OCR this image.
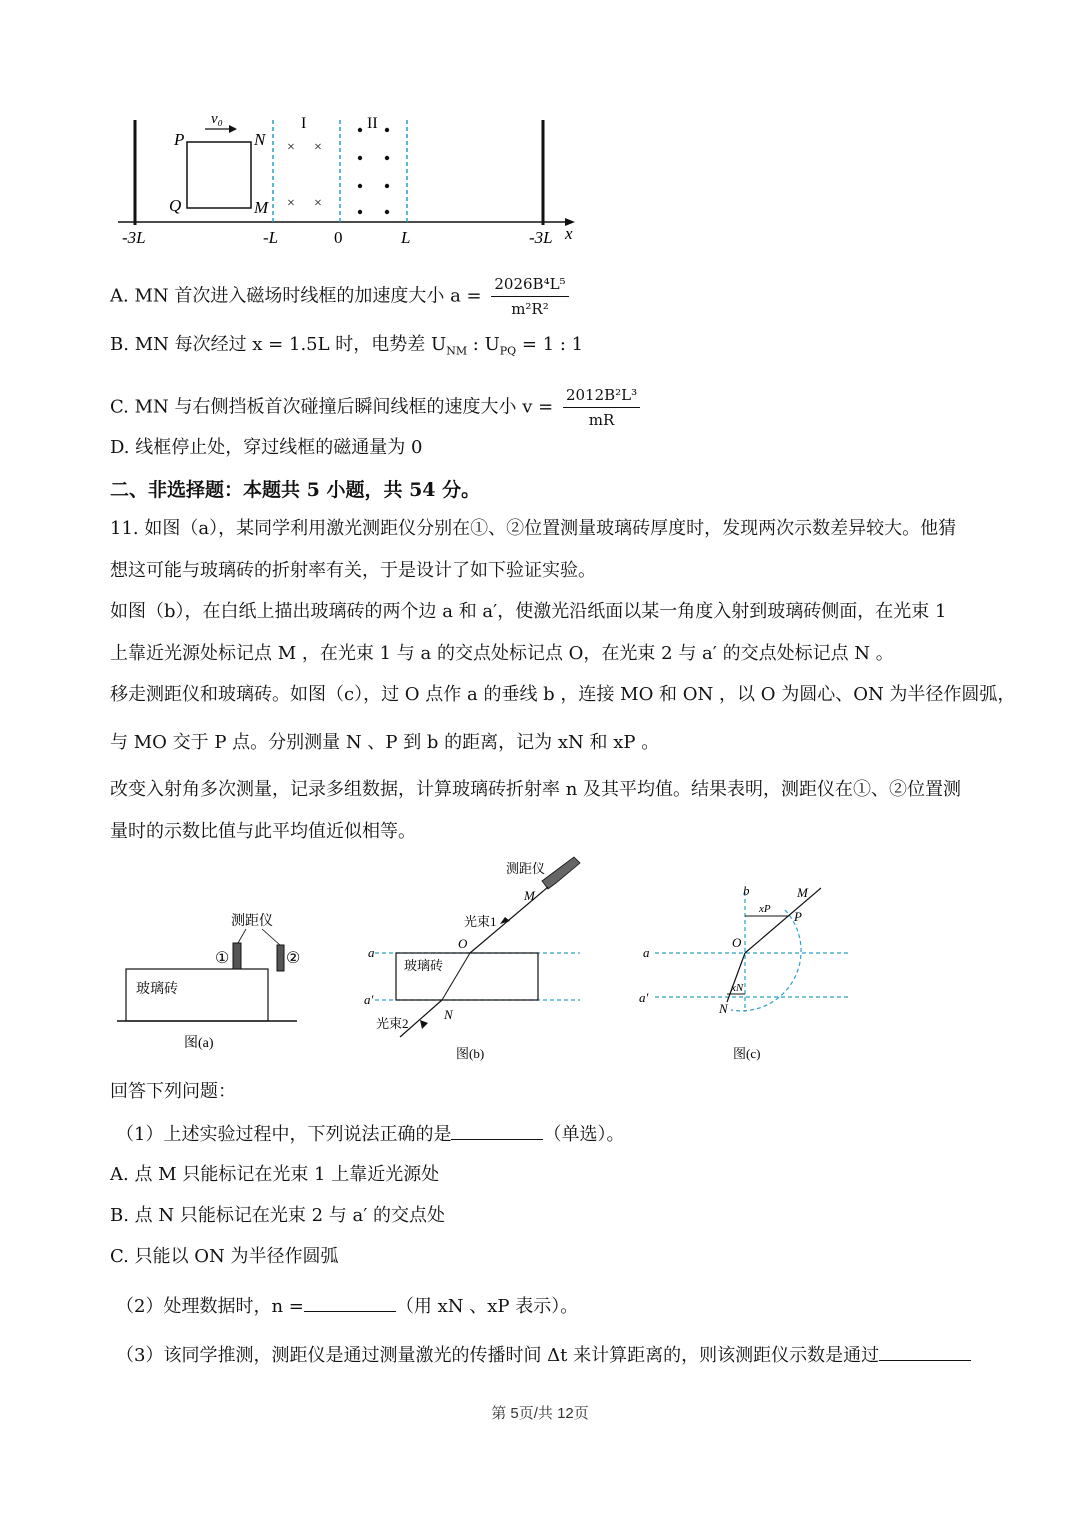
× ×
× ×
v₀
P	N
Q	M
I	II
-3L	-L	0	L	-3L x
A. MN 首次进入磁场时线框的加速度大小 $a = \frac{\text{2026B⁴L⁵}}{\text{m²R²}}$
B. MN 每次经过 x = 1.5L 时，电势差 $U_{NM}$ : $U_{PQ} = 1$ : 1
C. MN 与右侧挡板首次碰撞后瞬间线框的速度大小 $v = \frac{\text{2012B²L³}}{mR}$
D. 线框停止处，穿过线框的磁通量为 0
二、非选择题：本题共 5 小题，共 54 分。
11. 如图（a），某同学利用激光测距仪分别在①、②位置测量玻璃砖厚度时，发现两次示数差异较大。他猜
想这可能与玻璃砖的折射率有关，于是设计了如下验证实验。
如图（b），在白纸上描出玻璃砖的两个边 a 和 a′，使激光沿纸面以某一角度入射到玻璃砖侧面，在光束 1
上靠近光源处标记点 M ，在光束 1 与 a 的交点处标记点 O，在光束 2 与 a′ 的交点处标记点 N 。
移走测距仪和玻璃砖。如图（c），过 O 点作 a 的垂线 b ，连接 MO 和 ON ，以 O 为圆心、ON 为半径作圆弧，
与 MO 交于 P 点。分别测量 N 、P 到 b 的距离，记为 xN 和 xP 。
改变入射角多次测量，记录多组数据，计算玻璃砖折射率 n 及其平均值。结果表明，测距仪在①、②位置测
量时的示数比值与此平均值近似相等。
测距仪
①	②
玻璃砖
图(a)
测距仪
M
光束1
O
a
a′
玻璃砖
N
光束2
图(b)
b	M
P
xP
O
a
a′
xN
N
图(c)
回答下列问题：
（1）上述实验过程中，下列说法正确的是	（单选）。
A. 点 M 只能标记在光束 1 上靠近光源处
B. 点 N 只能标记在光束 2 与 a′ 的交点处
C. 只能以 ON 为半径作圆弧
（2）处理数据时，n =	（用 xN 、xP 表示）。
（3）该同学推测，测距仪是通过测量激光的传播时间 Δt 来计算距离的，则该测距仪示数是通过
第 5页/共 12页
